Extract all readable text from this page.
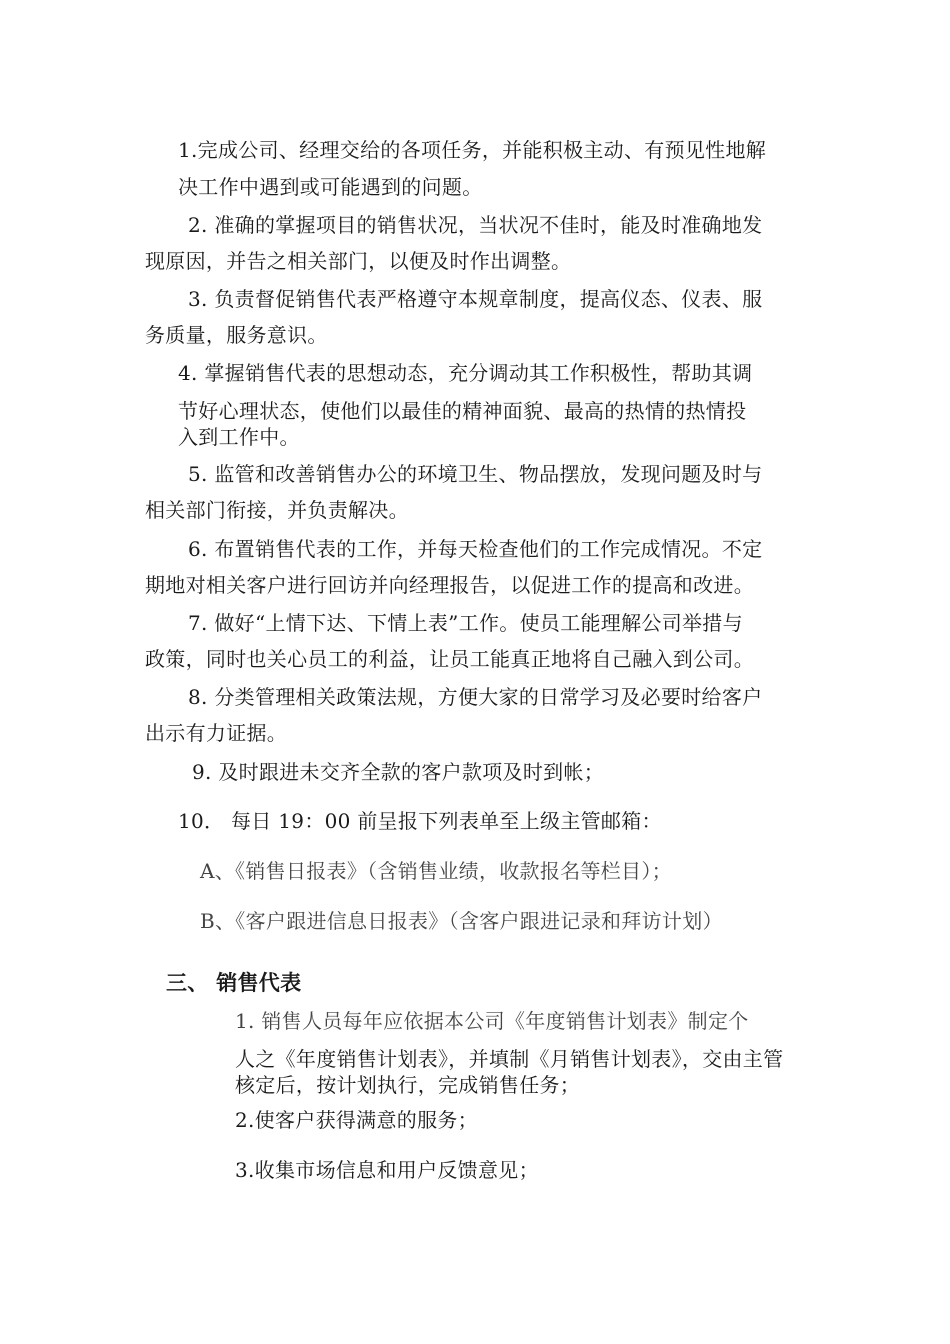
1.完成公司、经理交给的各项任务，并能积极主动、有预见性地解

决工作中遇到或可能遇到的问题。

2. 准确的掌握项目的销售状况，当状况不佳时，能及时准确地发

现原因，并告之相关部门，以便及时作出调整。

3. 负责督促销售代表严格遵守本规章制度，提高仪态、仪表、服

务质量，服务意识。

4. 掌握销售代表的思想动态，充分调动其工作积极性，帮助其调

节好心理状态，使他们以最佳的精神面貌、最高的热情的热情投

入到工作中。

5. 监管和改善销售办公的环境卫生、物品摆放，发现问题及时与

相关部门衔接，并负责解决。

6. 布置销售代表的工作，并每天检查他们的工作完成情况。不定

期地对相关客户进行回访并向经理报告，以促进工作的提高和改进。

7. 做好“上情下达、下情上表”工作。使员工能理解公司举措与

政策，同时也关心员工的利益，让员工能真正地将自己融入到公司。

8. 分类管理相关政策法规，方便大家的日常学习及必要时给客户

出示有力证据。

9. 及时跟进未交齐全款的客户款项及时到帐；

10． 每日 19：00 前呈报下列表单至上级主管邮箱：

A、《销售日报表》（含销售业绩，收款报名等栏目）；

B、《客户跟进信息日报表》（含客户跟进记录和拜访计划）

三、 销售代表

1. 销售人员每年应依据本公司《年度销售计划表》制定个

人之《年度销售计划表》，并填制《月销售计划表》，交由主管

核定后，按计划执行，完成销售任务；

2.使客户获得满意的服务；

3.收集市场信息和用户反馈意见；
